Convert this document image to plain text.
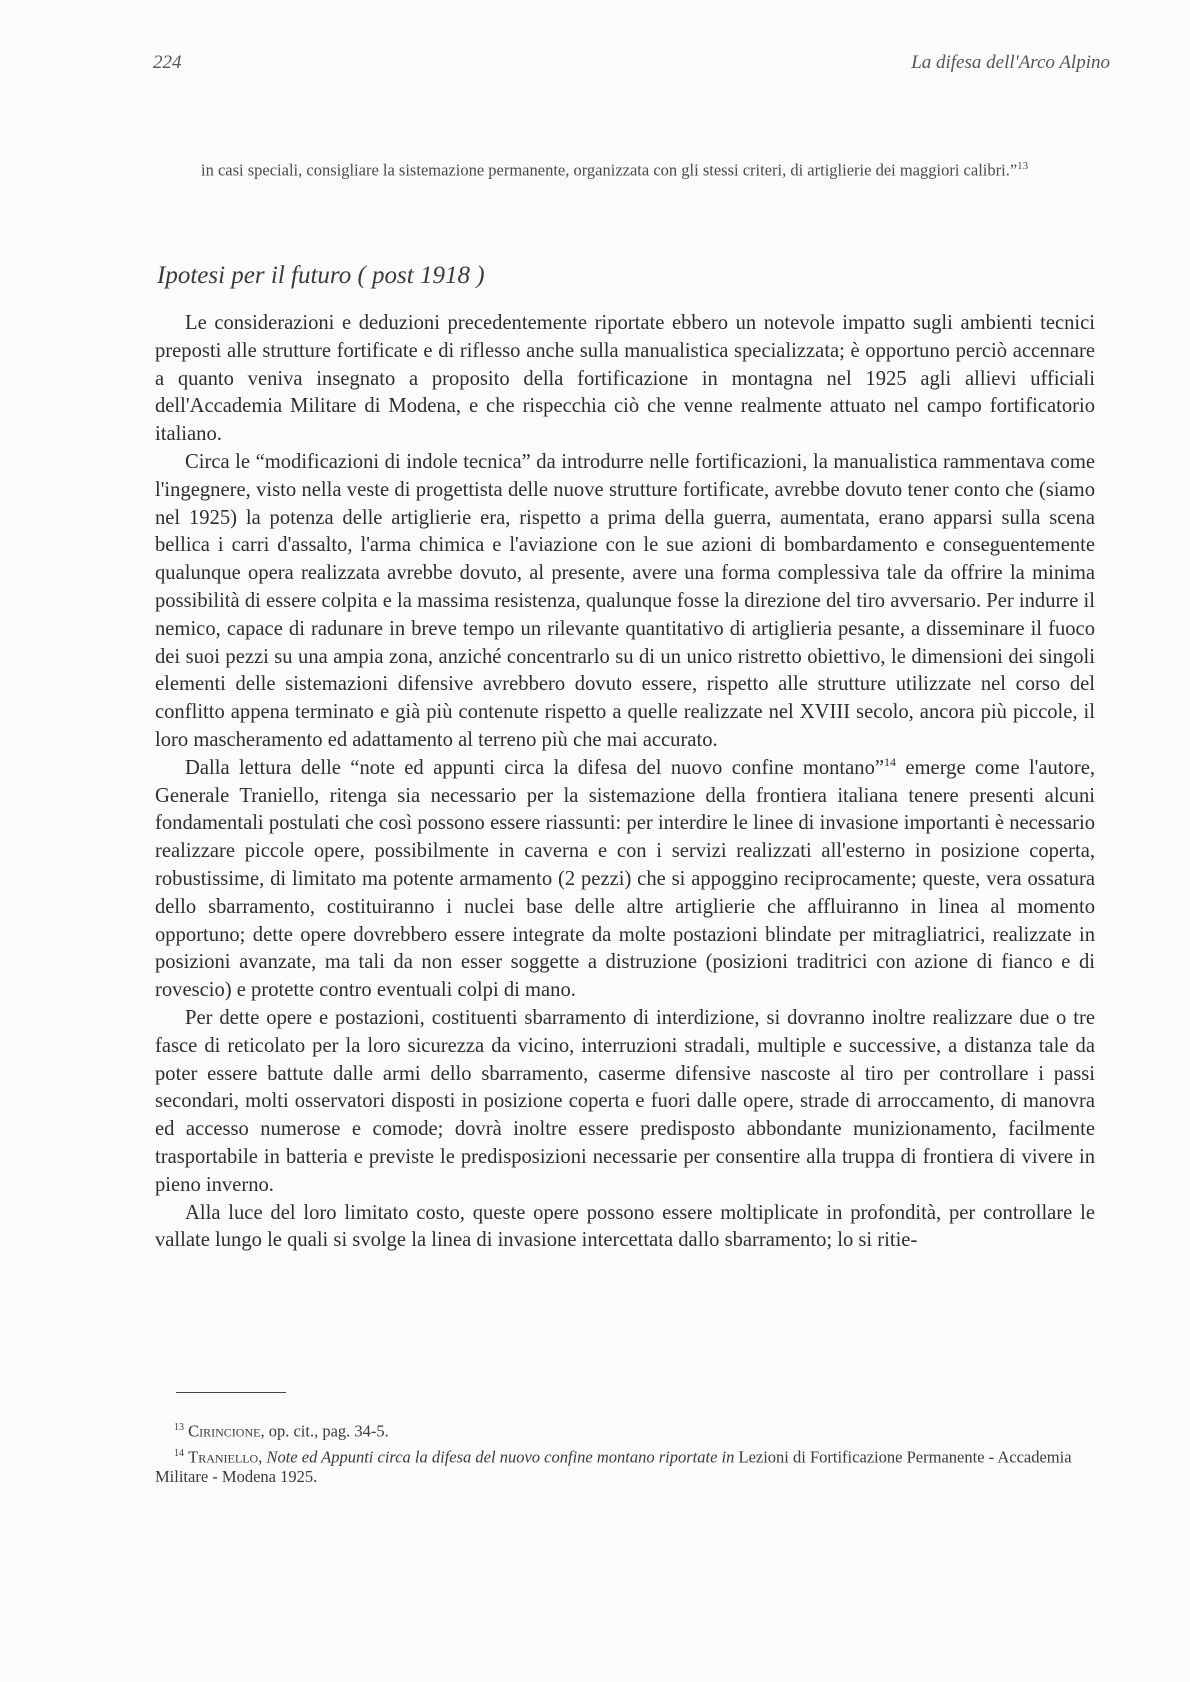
224	La difesa dell'Arco Alpino
in casi speciali, consigliare la sistemazione permanente, organizzata con gli stessi criteri, di artiglierie dei maggiori calibri.”$^{13}$
Ipotesi per il futuro ( post 1918 )

Le considerazioni e deduzioni precedentemente riportate ebbero un notevole impatto sugli ambienti tecnici preposti alle strutture fortificate e di riflesso anche sulla manualistica specializzata; è opportuno perciò accennare a quanto veniva insegnato a proposito della fortificazione in montagna nel 1925 agli allievi ufficiali dell'Accademia Militare di Modena, e che rispecchia ciò che venne realmente attuato nel campo fortificatorio italiano.

Circa le “modificazioni di indole tecnica” da introdurre nelle fortificazioni, la manualistica rammentava come l'ingegnere, visto nella veste di progettista delle nuove strutture fortificate, avrebbe dovuto tener conto che (siamo nel 1925) la potenza delle artiglierie era, rispetto a prima della guerra, aumentata, erano apparsi sulla scena bellica i carri d'assalto, l'arma chimica e l'aviazione con le sue azioni di bombardamento e conseguentemente qualunque opera realizzata avrebbe dovuto, al presente, avere una forma complessiva tale da offrire la minima possibilità di essere colpita e la massima resistenza, qualunque fosse la direzione del tiro avversario. Per indurre il nemico, capace di radunare in breve tempo un rilevante quantitativo di artiglieria pesante, a disseminare il fuoco dei suoi pezzi su una ampia zona, anziché concentrarlo su di un unico ristretto obiettivo, le dimensioni dei singoli elementi delle sistemazioni difensive avrebbero dovuto essere, rispetto alle strutture utilizzate nel corso del conflitto appena terminato e già più contenute rispetto a quelle realizzate nel XVIII secolo, ancora più piccole, il loro mascheramento ed adattamento al terreno più che mai accurato.

Dalla lettura delle “note ed appunti circa la difesa del nuovo confine montano”$^{14}$ emerge come l'autore, Generale Traniello, ritenga sia necessario per la sistemazione della frontiera italiana tenere presenti alcuni fondamentali postulati che così possono essere riassunti: per interdire le linee di invasione importanti è necessario realizzare piccole opere, possibilmente in caverna e con i servizi realizzati all'esterno in posizione coperta, robustissime, di limitato ma potente armamento (2 pezzi) che si appoggino reciprocamente; queste, vera ossatura dello sbarramento, costituiranno i nuclei base delle altre artiglierie che affluiranno in linea al momento opportuno; dette opere dovrebbero essere integrate da molte postazioni blindate per mitragliatrici, realizzate in posizioni avanzate, ma tali da non esser soggette a distruzione (posizioni traditrici con azione di fianco e di rovescio) e protette contro eventuali colpi di mano.

Per dette opere e postazioni, costituenti sbarramento di interdizione, si dovranno inoltre realizzare due o tre fasce di reticolato per la loro sicurezza da vicino, interruzioni stradali, multiple e successive, a distanza tale da poter essere battute dalle armi dello sbarramento, caserme difensive nascoste al tiro per controllare i passi secondari, molti osservatori disposti in posizione coperta e fuori dalle opere, strade di arroccamento, di manovra ed accesso numerose e comode; dovrà inoltre essere predisposto abbondante munizionamento, facilmente trasportabile in batteria e previste le predisposizioni necessarie per consentire alla truppa di frontiera di vivere in pieno inverno.

Alla luce del loro limitato costo, queste opere possono essere moltiplicate in profondità, per controllare le vallate lungo le quali si svolge la linea di invasione intercettata dallo sbarramento; lo si ritie-

$^{13}$ Cirincione, op. cit., pag. 34-5.

$^{14}$ Traniello, Note ed Appunti circa la difesa del nuovo confine montano riportate in Lezioni di Fortificazione Permanente - Accademia Militare - Modena 1925.
